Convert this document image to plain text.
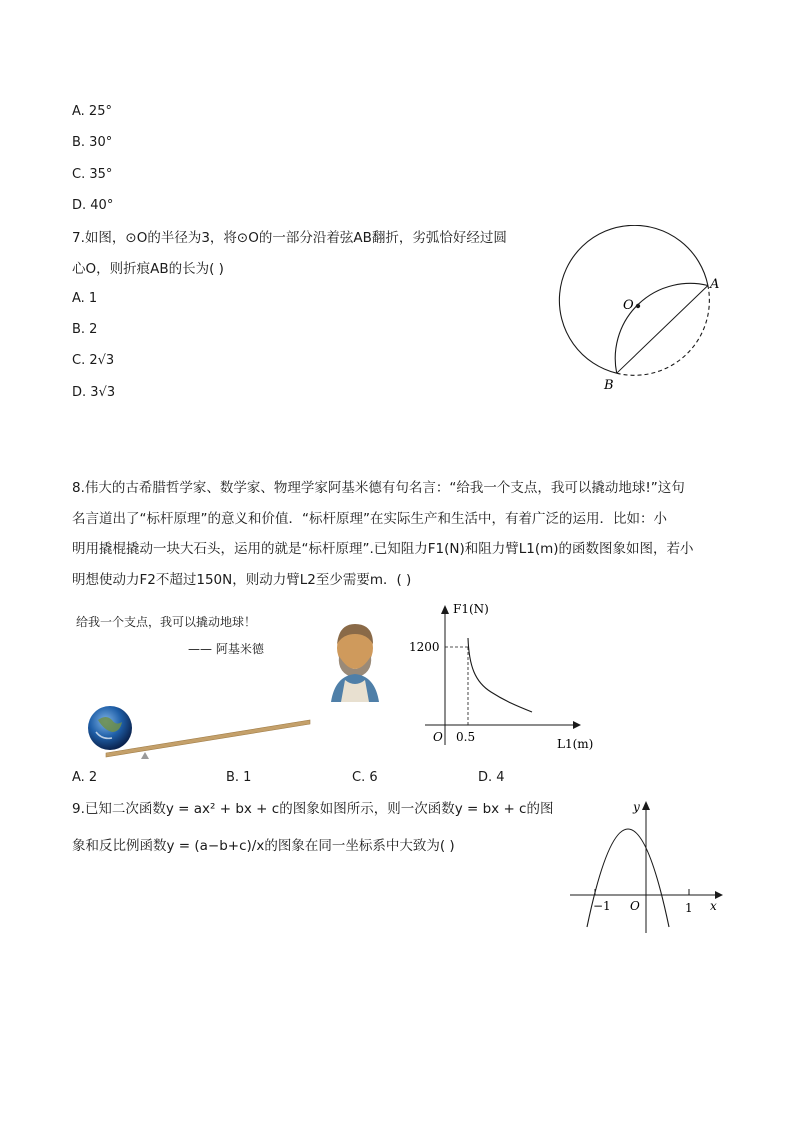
A. 25°
B. 30°
C. 35°
D. 40°
7.如图，⊙O的半径为3，将⊙O的一部分沿着弦AB翻折，劣弧恰好经过圆
心O，则折痕AB的长为( )
A. 1
B. 2
C. 2√3
D. 3√3
O
A
B
8.伟大的古希腊哲学家、数学家、物理学家阿基米德有句名言：“给我一个支点，我可以撬动地球!”这句
名言道出了“标杆原理”的意义和价值．“标杆原理”在实际生产和生活中，有着广泛的运用．比如：小
明用撬棍撬动一块大石头，运用的就是“标杆原理”.已知阻力F1(N)和阻力臂L1(m)的函数图象如图，若小
明想使动力F2不超过150N，则动力臂L2至少需要m．( )
给我一个支点，我可以撬动地球！
—— 阿基米德
F1(N)
1200
O 0.5	L1(m)
A. 2	B. 1	C. 6	D. 4
9.已知二次函数y = ax² + bx + c的图象如图所示，则一次函数y = bx + c的图
象和反比例函数y = (a−b+c)/x的图象在同一坐标系中大致为( )
y
−1 O	1 x
